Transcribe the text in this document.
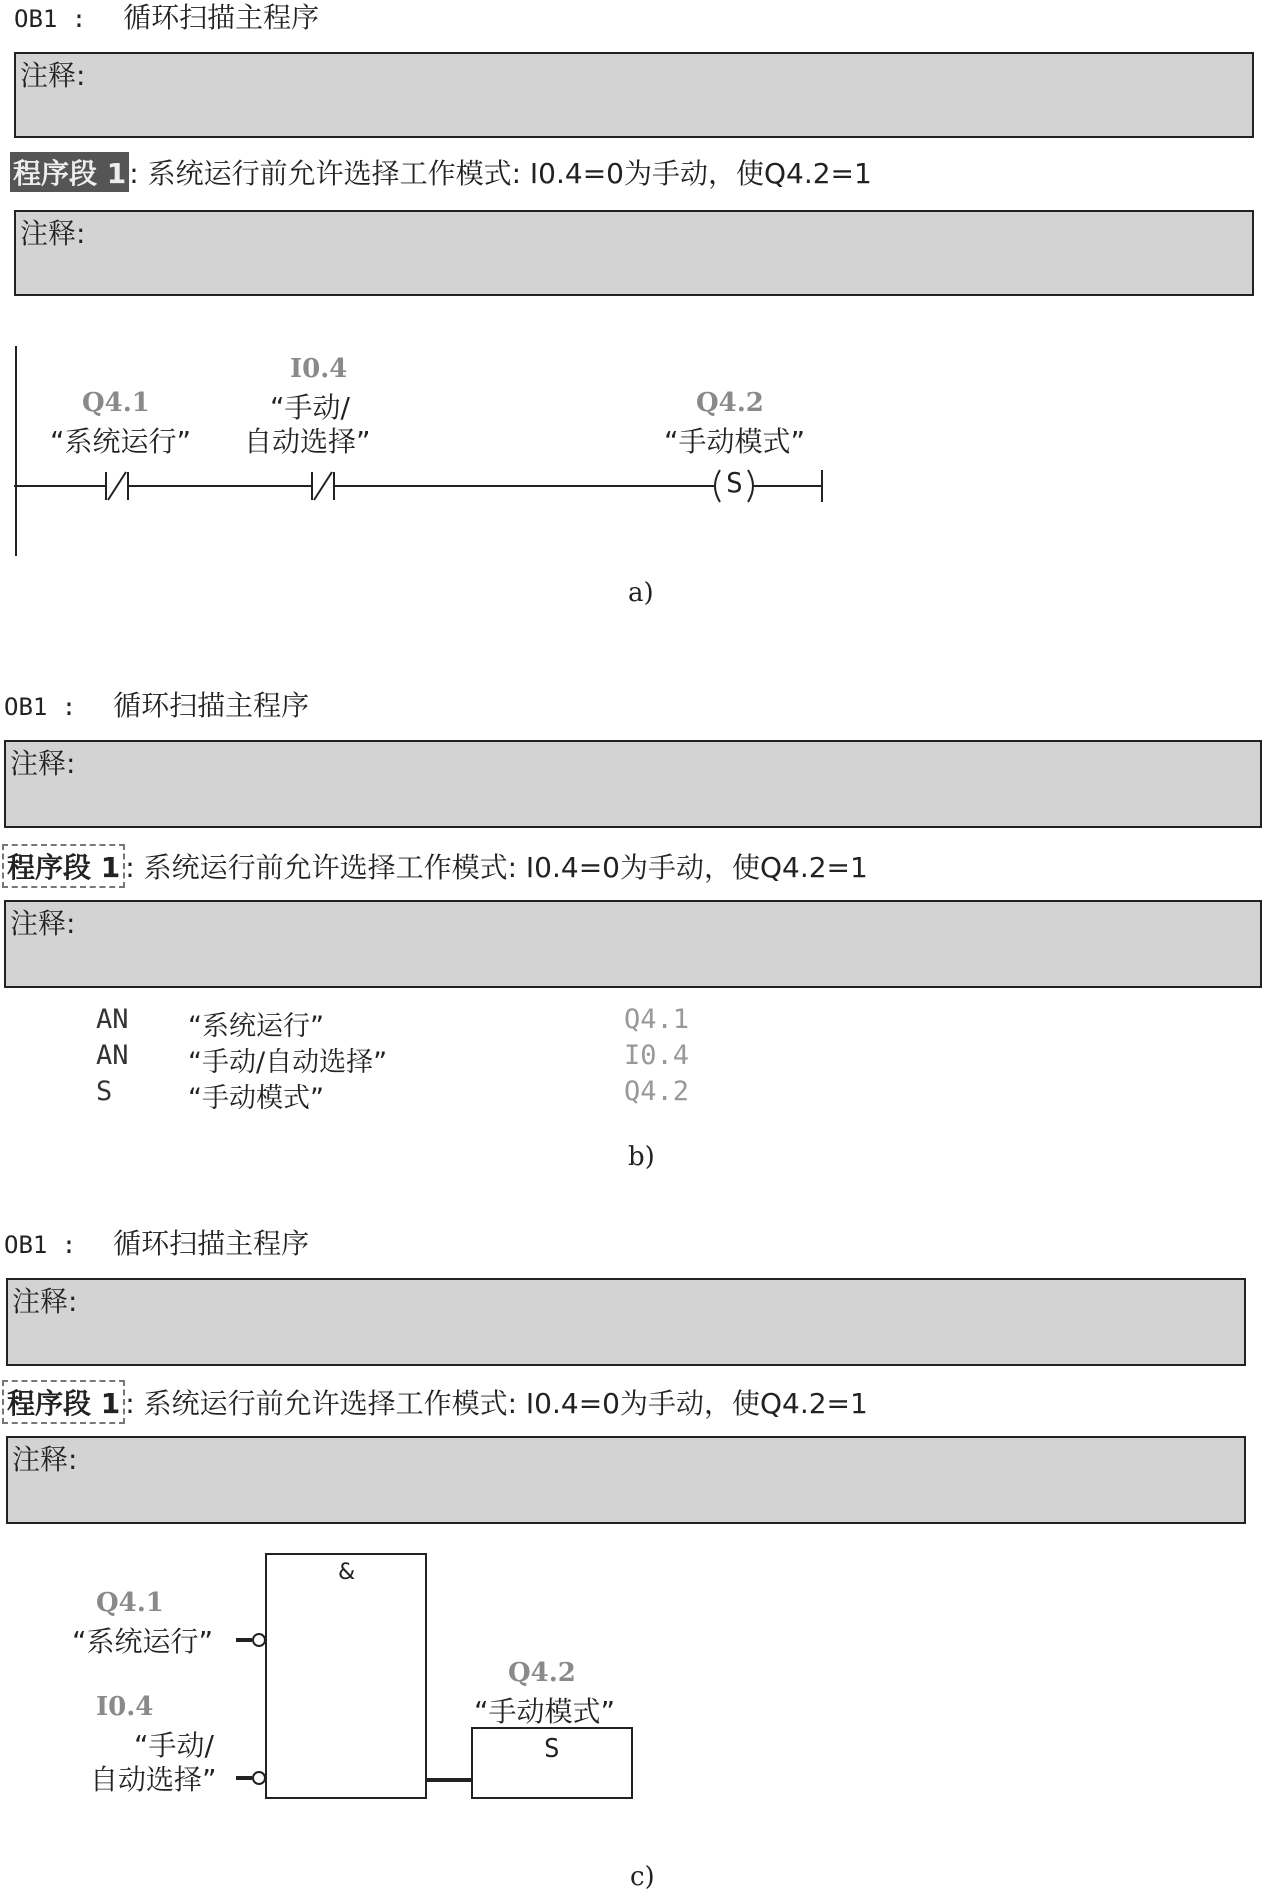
OB1 : 循环扫描主程序
注释:
程序段 1 : 系统运行前允许选择工作模式: I0.4=0为手动，使Q4.2=1
注释:
S
Q4.1
“系统运行”
I0.4
“手动/
自动选择”
Q4.2
“手动模式”
a)
OB1 : 循环扫描主程序
注释:
程序段 1 : 系统运行前允许选择工作模式: I0.4=0为手动，使Q4.2=1
注释:
AN “系统运行”	Q4.1
AN “手动/自动选择”	I0.4
S	“手动模式”	Q4.2
b)
OB1 : 循环扫描主程序
注释:
程序段 1 : 系统运行前允许选择工作模式: I0.4=0为手动，使Q4.2=1
注释:
&
S
Q4.1
“系统运行”
I0.4
“手动/
自动选择”
Q4.2
“手动模式”
c)
